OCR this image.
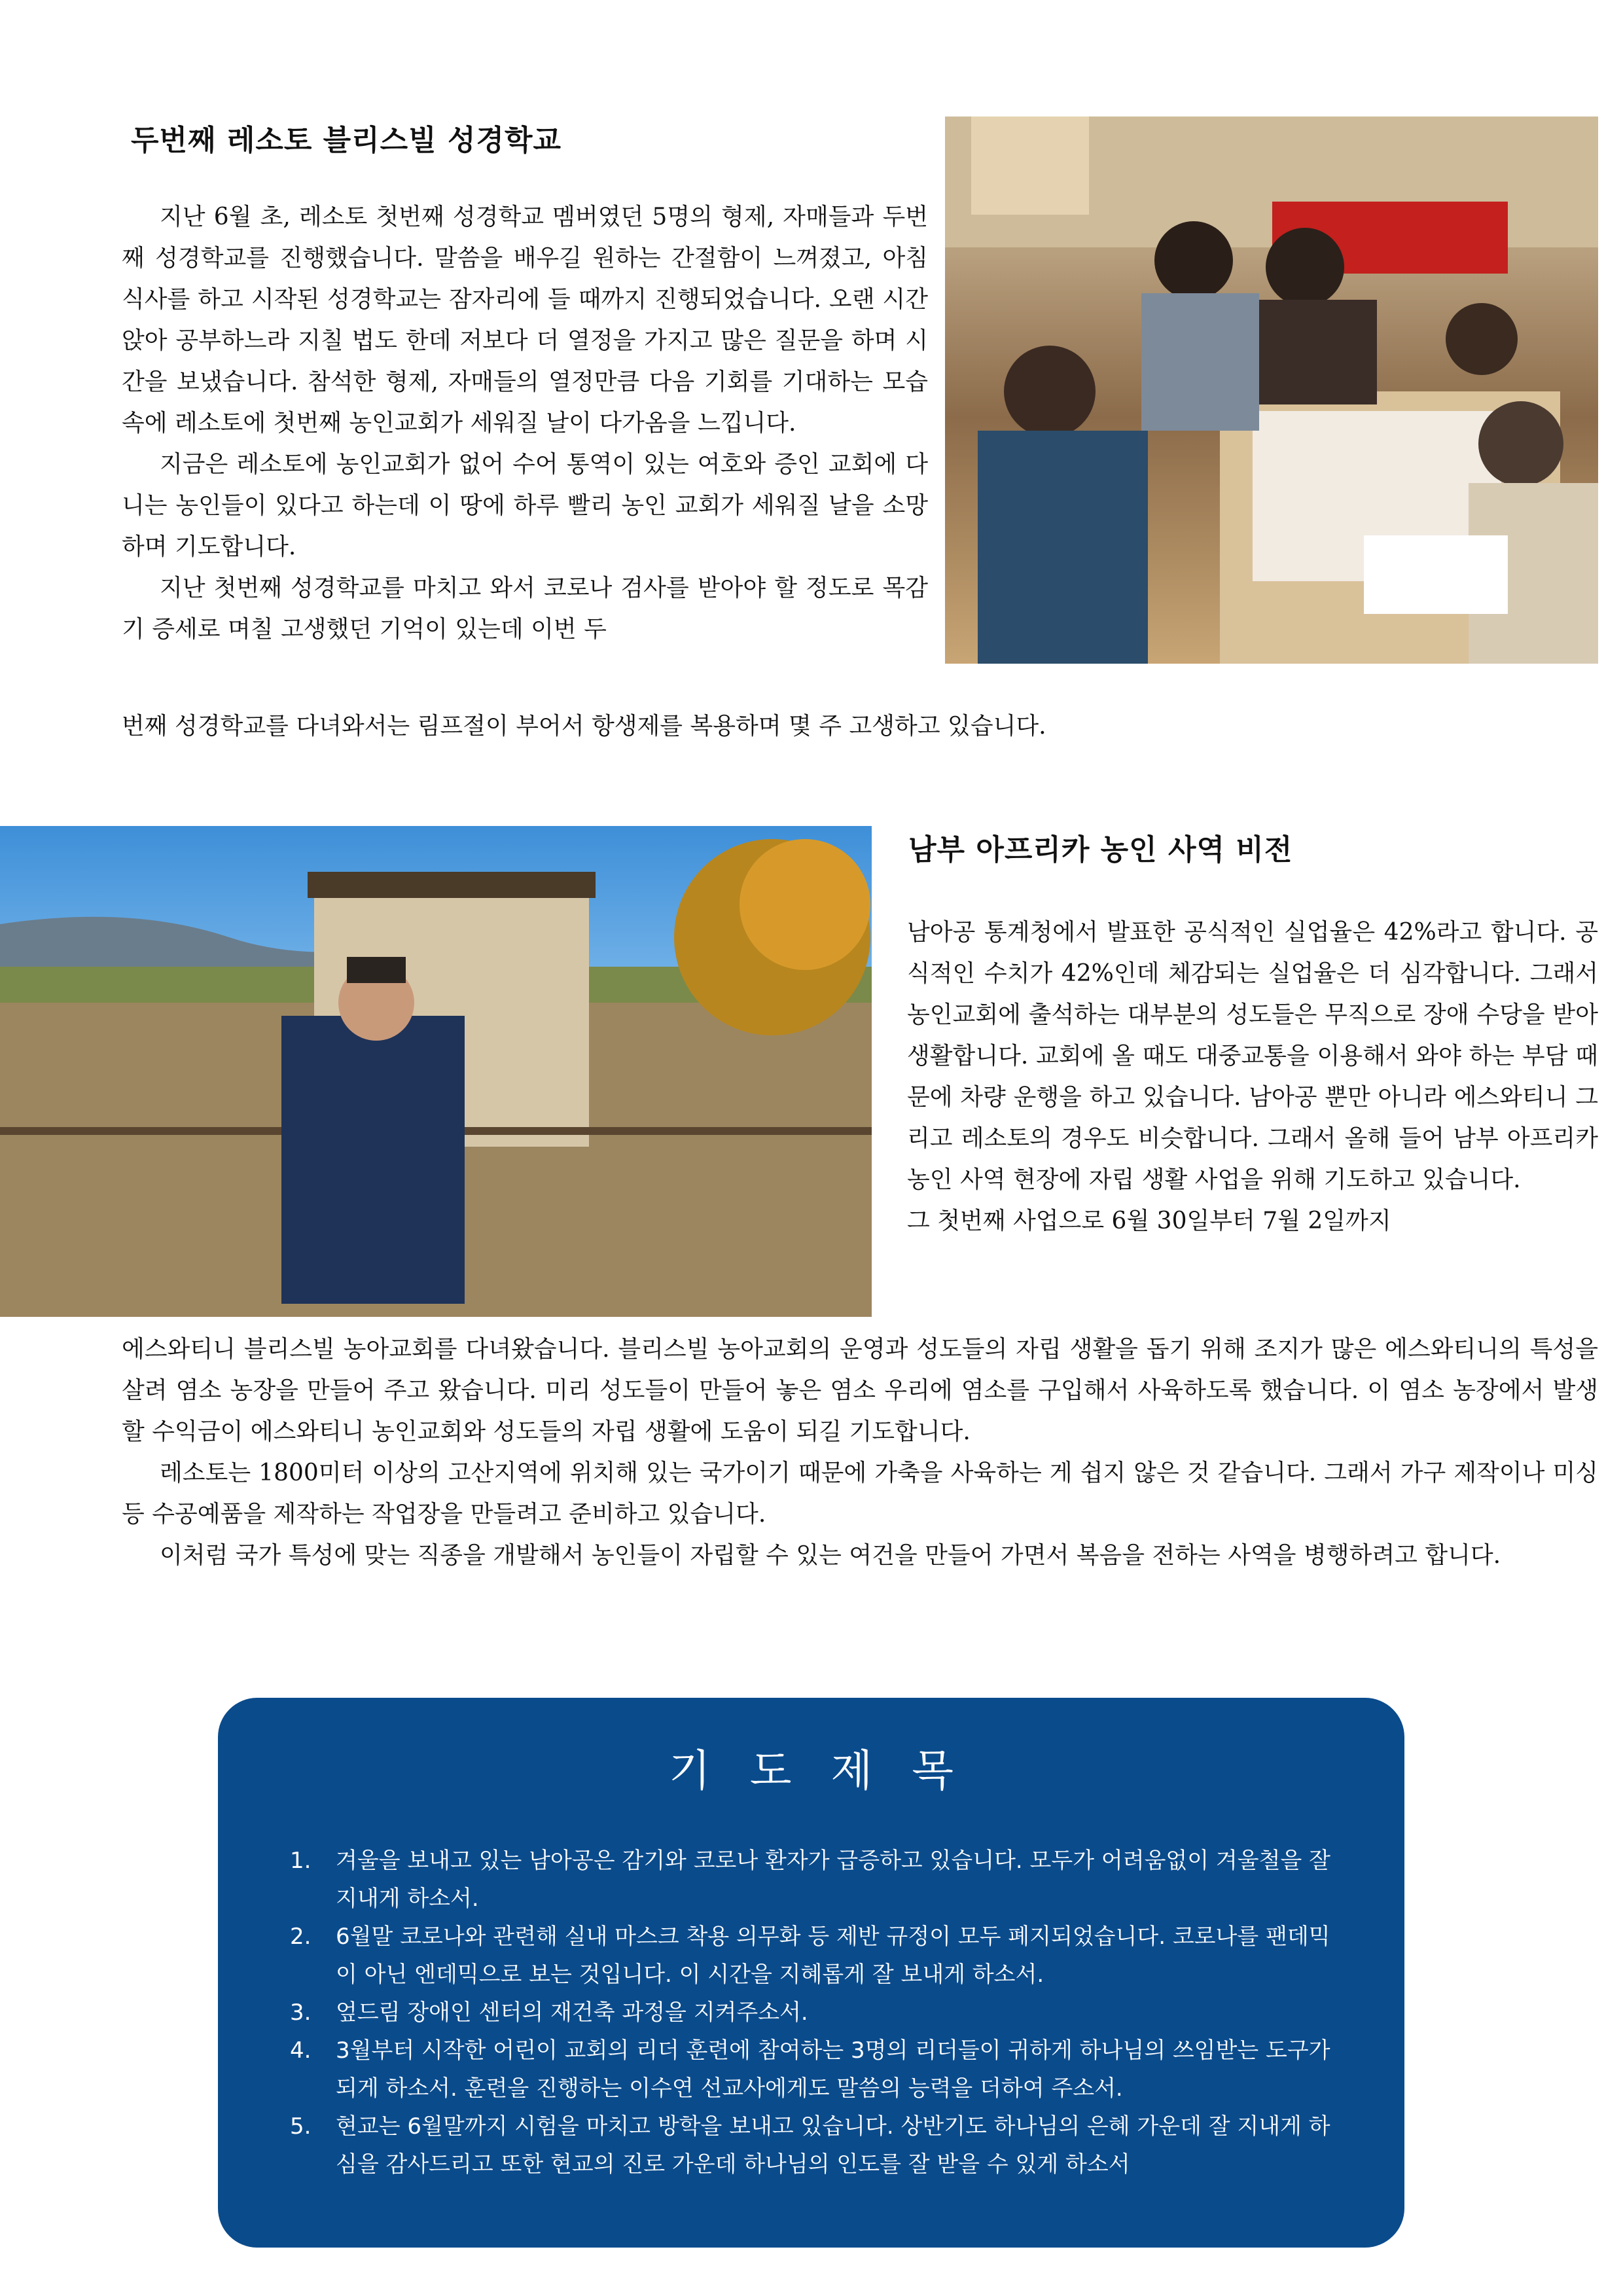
두번째 레소토 블리스빌 성경학교

지난 6월 초, 레소토 첫번째 성경학교 멤버였던 5명의 형제, 자매들과 두번째 성경학교를 진행했습니다. 말씀을 배우길 원하는 간절함이 느껴졌고, 아침 식사를 하고 시작된 성경학교는 잠자리에 들 때까지 진행되었습니다. 오랜 시간 앉아 공부하느라 지칠 법도 한데 저보다 더 열정을 가지고 많은 질문을 하며 시간을 보냈습니다. 참석한 형제, 자매들의 열정만큼 다음 기회를 기대하는 모습 속에 레소토에 첫번째 농인교회가 세워질 날이 다가옴을 느낍니다.

지금은 레소토에 농인교회가 없어 수어 통역이 있는 여호와 증인 교회에 다니는 농인들이 있다고 하는데 이 땅에 하루 빨리 농인 교회가 세워질 날을 소망하며 기도합니다.

지난 첫번째 성경학교를 마치고 와서 코로나 검사를 받아야 할 정도로 목감기 증세로 며칠 고생했던 기억이 있는데 이번 두

번째 성경학교를 다녀와서는 림프절이 부어서 항생제를 복용하며 몇 주 고생하고 있습니다.
남부 아프리카 농인 사역 비전

남아공 통계청에서 발표한 공식적인 실업율은 42%라고 합니다. 공식적인 수치가 42%인데 체감되는 실업율은 더 심각합니다. 그래서 농인교회에 출석하는 대부분의 성도들은 무직으로 장애 수당을 받아 생활합니다. 교회에 올 때도 대중교통을 이용해서 와야 하는 부담 때문에 차량 운행을 하고 있습니다. 남아공 뿐만 아니라 에스와티니 그리고 레소토의 경우도 비슷합니다. 그래서 올해 들어 남부 아프리카 농인 사역 현장에 자립 생활 사업을 위해 기도하고 있습니다.

그 첫번째 사업으로 6월 30일부터 7월 2일까지

에스와티니 블리스빌 농아교회를 다녀왔습니다. 블리스빌 농아교회의 운영과 성도들의 자립 생활을 돕기 위해 조지가 많은 에스와티니의 특성을 살려 염소 농장을 만들어 주고 왔습니다. 미리 성도들이 만들어 놓은 염소 우리에 염소를 구입해서 사육하도록 했습니다. 이 염소 농장에서 발생할 수익금이 에스와티니 농인교회와 성도들의 자립 생활에 도움이 되길 기도합니다.

레소토는 1800미터 이상의 고산지역에 위치해 있는 국가이기 때문에 가축을 사육하는 게 쉽지 않은 것 같습니다. 그래서 가구 제작이나 미싱 등 수공예품을 제작하는 작업장을 만들려고 준비하고 있습니다.

이처럼 국가 특성에 맞는 직종을 개발해서 농인들이 자립할 수 있는 여건을 만들어 가면서 복음을 전하는 사역을 병행하려고 합니다.

기도제목
1. 겨울을 보내고 있는 남아공은 감기와 코로나 환자가 급증하고 있습니다. 모두가 어려움없이 겨울철을 잘 지내게 하소서.
2. 6월말 코로나와 관련해 실내 마스크 착용 의무화 등 제반 규정이 모두 폐지되었습니다. 코로나를 팬데믹이 아닌 엔데믹으로 보는 것입니다. 이 시간을 지혜롭게 잘 보내게 하소서.
3. 엎드림 장애인 센터의 재건축 과정을 지켜주소서.
4. 3월부터 시작한 어린이 교회의 리더 훈련에 참여하는 3명의 리더들이 귀하게 하나님의 쓰임받는 도구가 되게 하소서. 훈련을 진행하는 이수연 선교사에게도 말씀의 능력을 더하여 주소서.
5. 현교는 6월말까지 시험을 마치고 방학을 보내고 있습니다. 상반기도 하나님의 은혜 가운데 잘 지내게 하심을 감사드리고 또한 현교의 진로 가운데 하나님의 인도를 잘 받을 수 있게 하소서
